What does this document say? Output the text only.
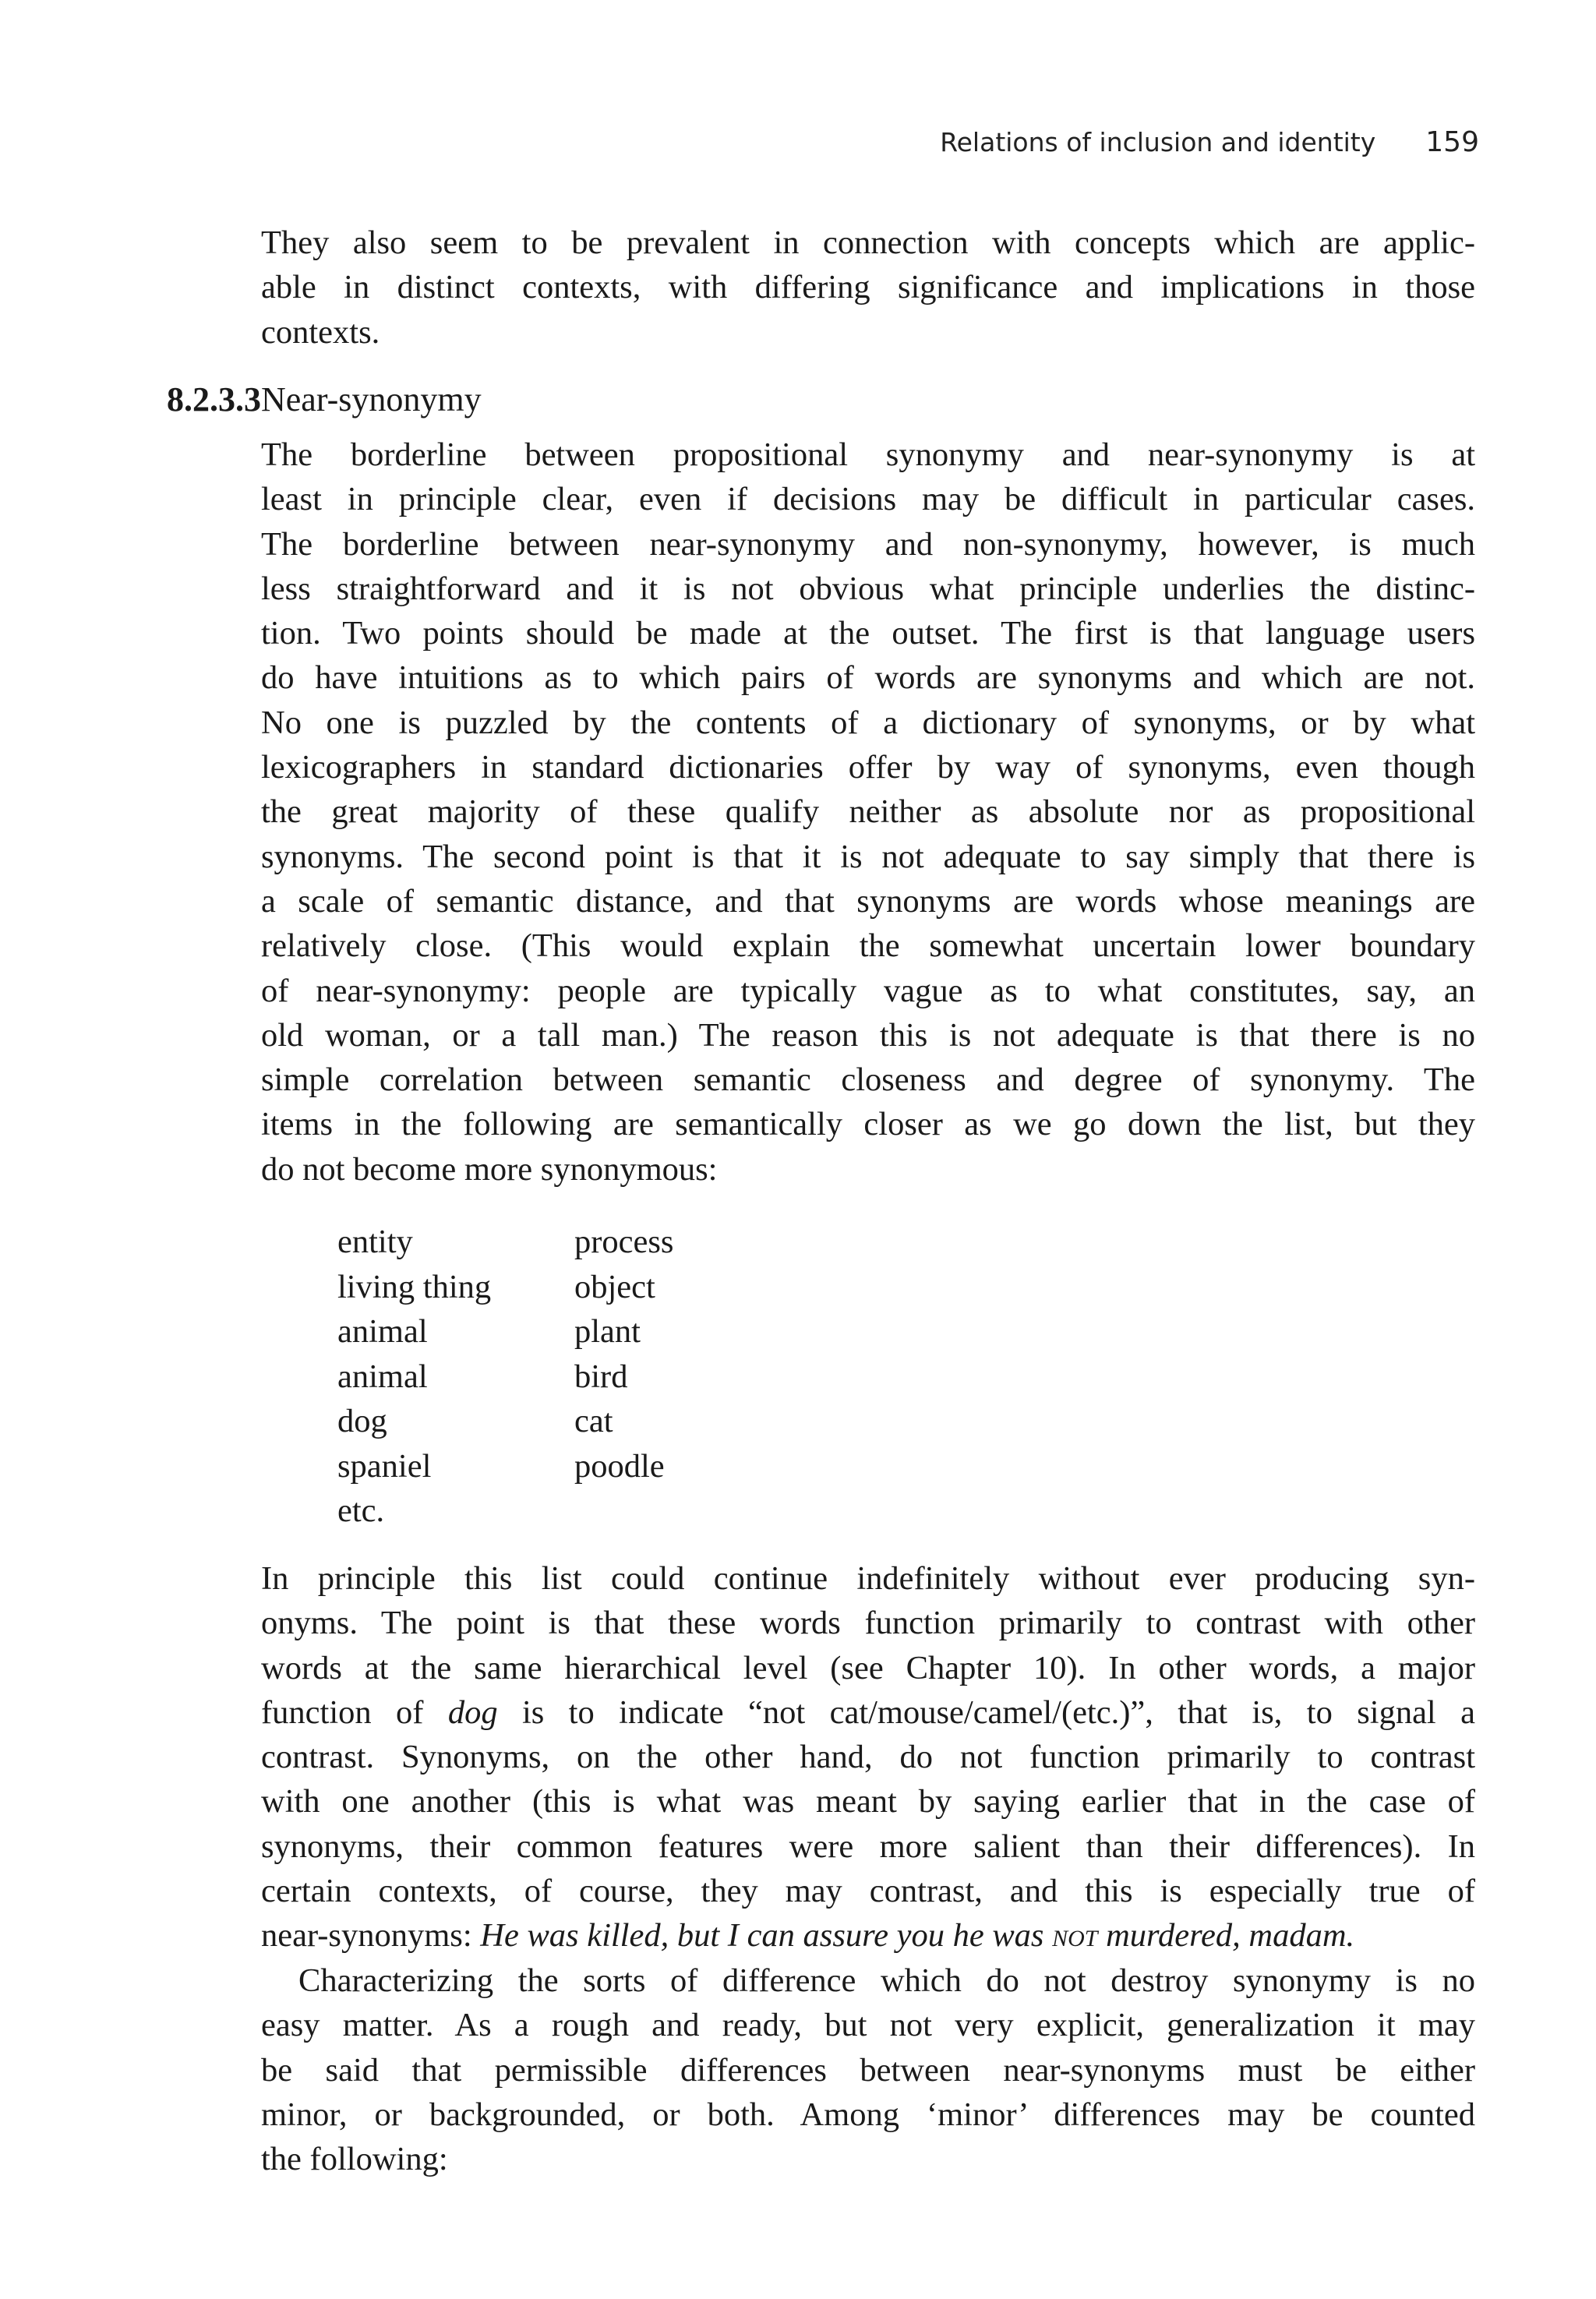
Relations of inclusion and identity 159
They also seem to be prevalent in connection with concepts which are applic-
able in distinct contexts, with differing significance and implications in those
contexts.
8.2.3.3Near-synonymy
The borderline between propositional synonymy and near-synonymy is at
least in principle clear, even if decisions may be difficult in particular cases.
The borderline between near-synonymy and non-synonymy, however, is much
less straightforward and it is not obvious what principle underlies the distinc-
tion. Two points should be made at the outset. The first is that language users
do have intuitions as to which pairs of words are synonyms and which are not.
No one is puzzled by the contents of a dictionary of synonyms, or by what
lexicographers in standard dictionaries offer by way of synonyms, even though
the great majority of these qualify neither as absolute nor as propositional
synonyms. The second point is that it is not adequate to say simply that there is
a scale of semantic distance, and that synonyms are words whose meanings are
relatively close. (This would explain the somewhat uncertain lower boundary
of near-synonymy: people are typically vague as to what constitutes, say, an
old woman, or a tall man.) The reason this is not adequate is that there is no
simple correlation between semantic closeness and degree of synonymy. The
items in the following are semantically closer as we go down the list, but they
do not become more synonymous:
entity	process
living thing	object
animal	plant
animal	bird
dog	cat
spaniel	poodle
etc.
In principle this list could continue indefinitely without ever producing syn-
onyms. The point is that these words function primarily to contrast with other
words at the same hierarchical level (see Chapter 10). In other words, a major
function of dog is to indicate “not cat/mouse/camel/(etc.)”, that is, to signal a
contrast. Synonyms, on the other hand, do not function primarily to contrast
with one another (this is what was meant by saying earlier that in the case of
synonyms, their common features were more salient than their differences). In
certain contexts, of course, they may contrast, and this is especially true of
near-synonyms: He was killed, but I can assure you he was not murdered, madam.
Characterizing the sorts of difference which do not destroy synonymy is no
easy matter. As a rough and ready, but not very explicit, generalization it may
be said that permissible differences between near-synonyms must be either
minor, or backgrounded, or both. Among ‘minor’ differences may be counted
the following:
